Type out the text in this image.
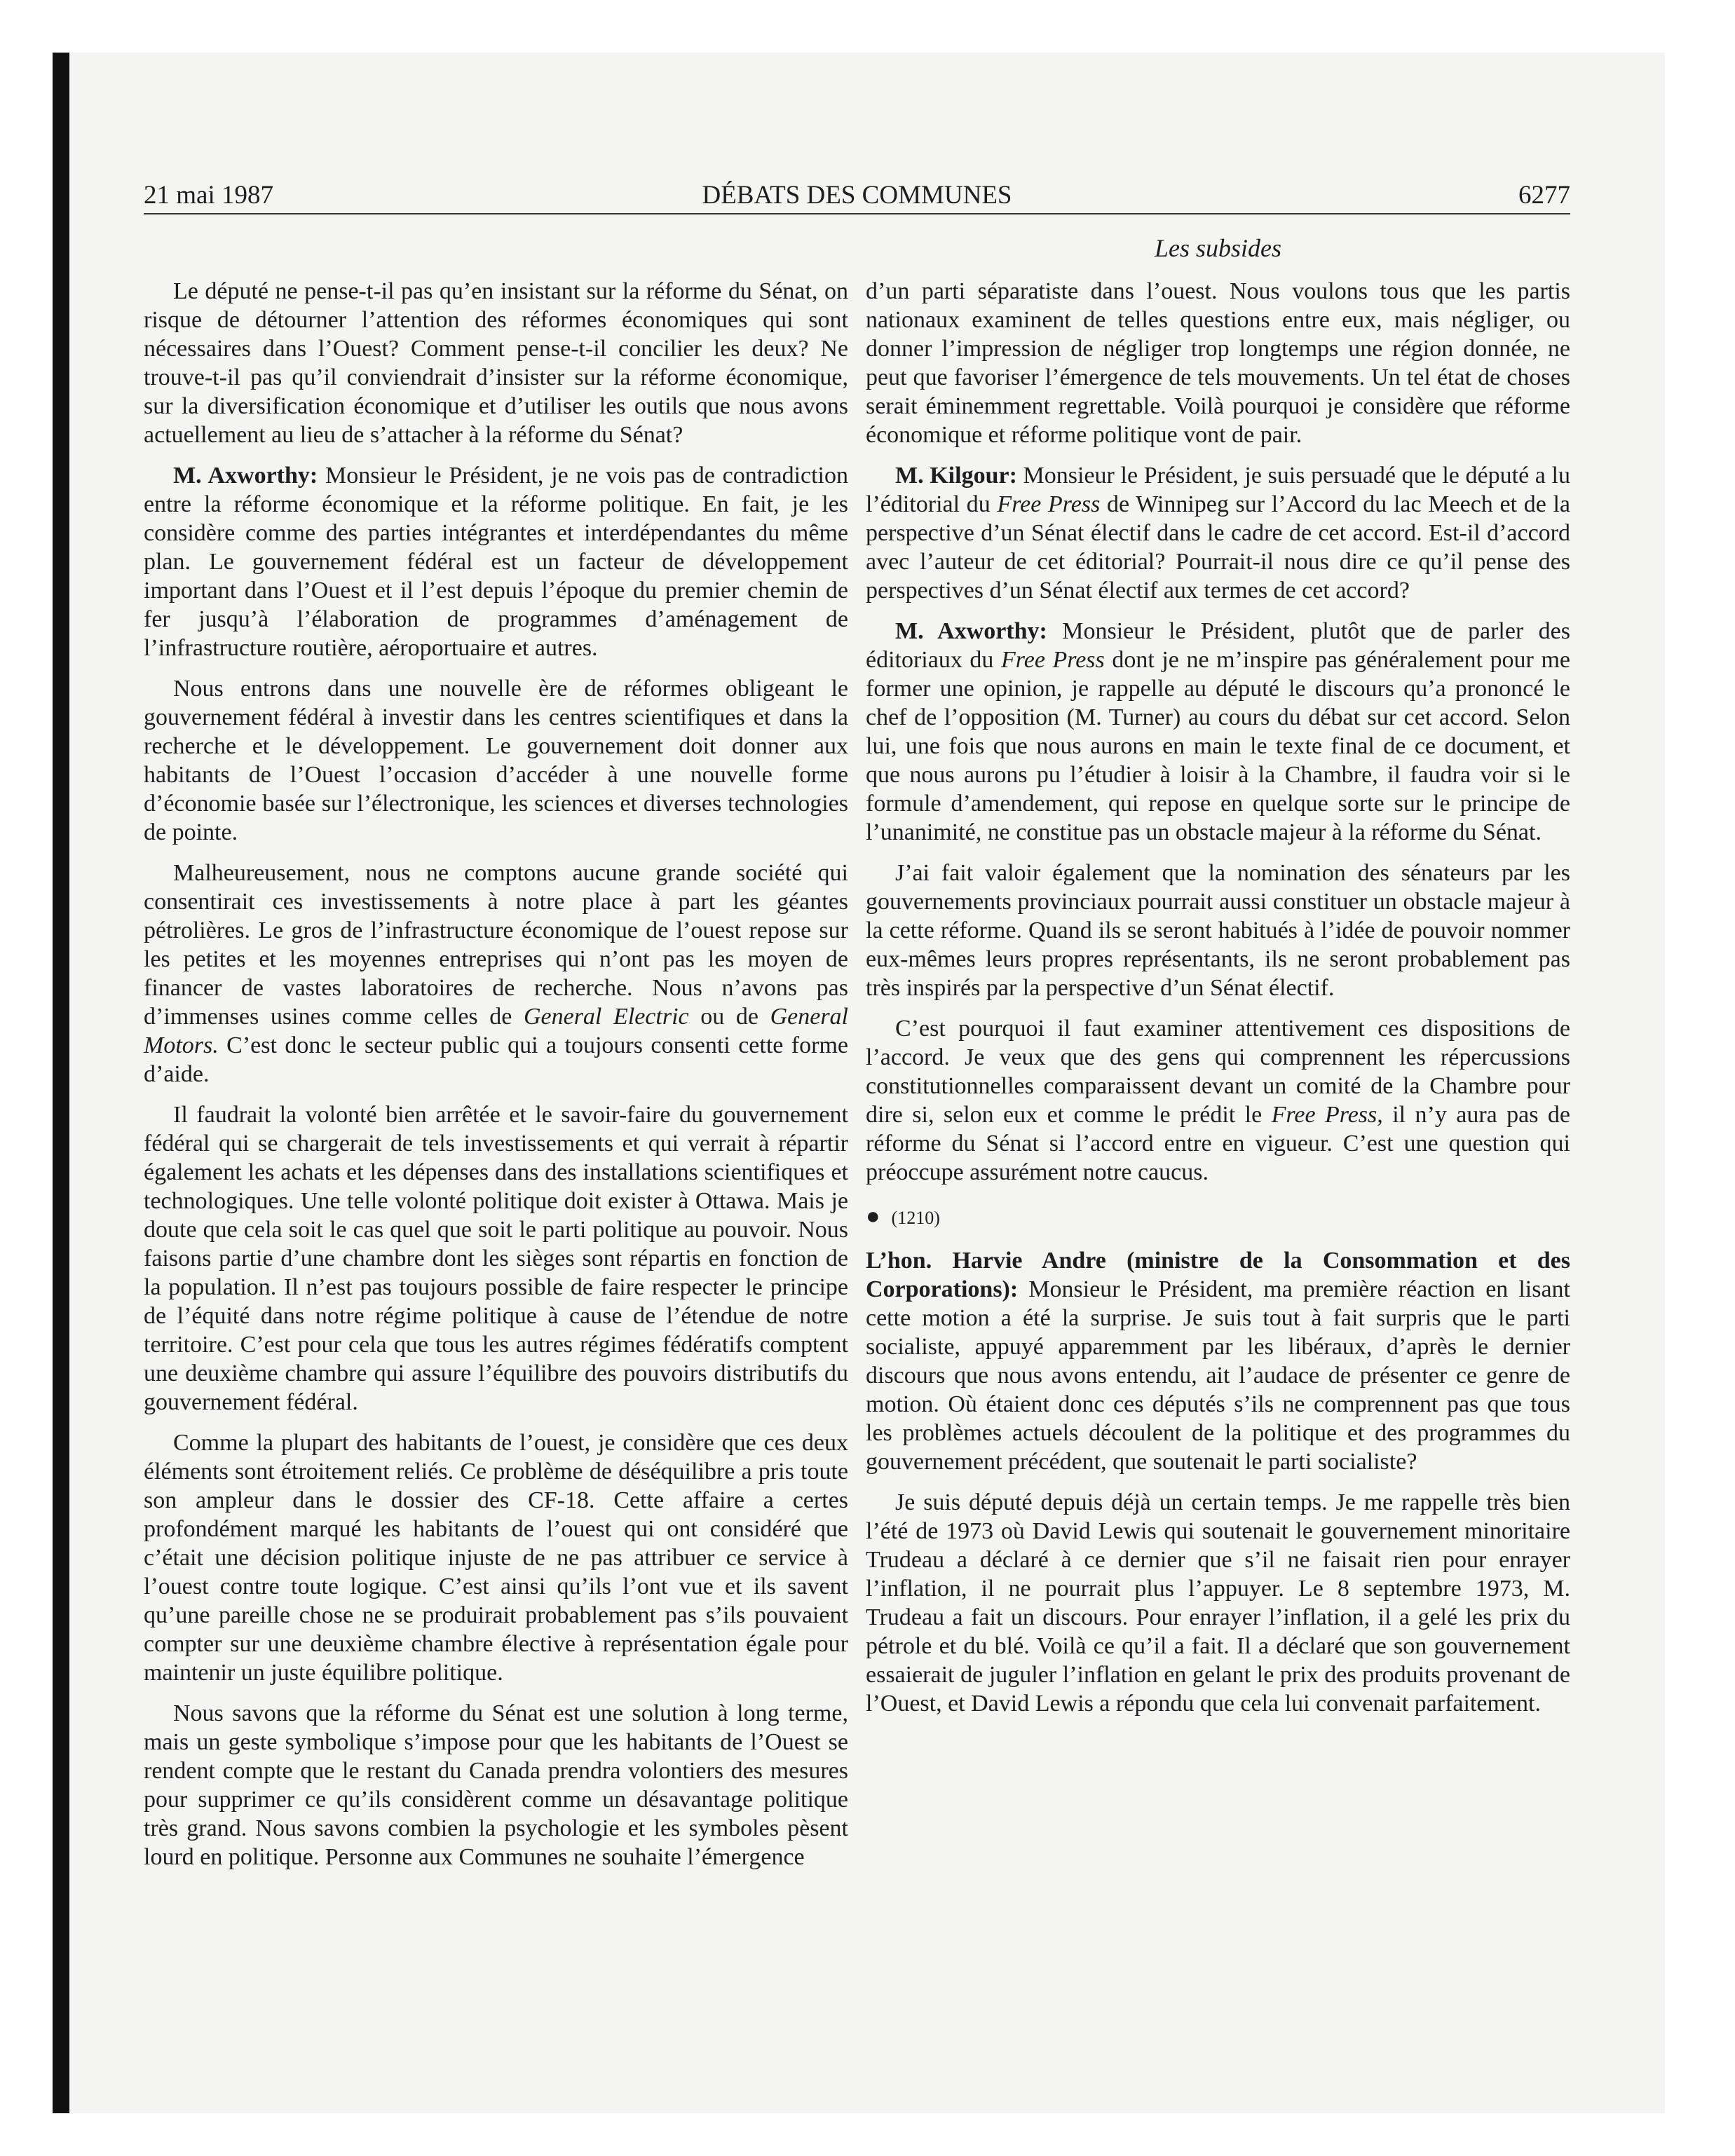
21 mai 1987	DÉBATS DES COMMUNES	6277
Les subsides

Le député ne pense-t-il pas qu’en insistant sur la réforme du Sénat, on risque de détourner l’attention des réformes économiques qui sont nécessaires dans l’Ouest? Comment pense-t-il concilier les deux? Ne trouve-t-il pas qu’il conviendrait d’insister sur la réforme économique, sur la diversification économique et d’utiliser les outils que nous avons actuellement au lieu de s’attacher à la réforme du Sénat?

M. Axworthy: Monsieur le Président, je ne vois pas de contradiction entre la réforme économique et la réforme politique. En fait, je les considère comme des parties intégrantes et interdépendantes du même plan. Le gouvernement fédéral est un facteur de développement important dans l’Ouest et il l’est depuis l’époque du premier chemin de fer jusqu’à l’élaboration de programmes d’aménagement de l’infrastructure routière, aéroportuaire et autres.

Nous entrons dans une nouvelle ère de réformes obligeant le gouvernement fédéral à investir dans les centres scientifiques et dans la recherche et le développement. Le gouvernement doit donner aux habitants de l’Ouest l’occasion d’accéder à une nouvelle forme d’économie basée sur l’électronique, les sciences et diverses technologies de pointe.

Malheureusement, nous ne comptons aucune grande société qui consentirait ces investissements à notre place à part les géantes pétrolières. Le gros de l’infrastructure économique de l’ouest repose sur les petites et les moyennes entreprises qui n’ont pas les moyen de financer de vastes laboratoires de recherche. Nous n’avons pas d’immenses usines comme celles de General Electric ou de General Motors. C’est donc le secteur public qui a toujours consenti cette forme d’aide.

Il faudrait la volonté bien arrêtée et le savoir-faire du gouvernement fédéral qui se chargerait de tels investissements et qui verrait à répartir également les achats et les dépenses dans des installations scientifiques et technologiques. Une telle volonté politique doit exister à Ottawa. Mais je doute que cela soit le cas quel que soit le parti politique au pouvoir. Nous faisons partie d’une chambre dont les sièges sont répartis en fonction de la population. Il n’est pas toujours possible de faire respecter le principe de l’équité dans notre régime politique à cause de l’étendue de notre territoire. C’est pour cela que tous les autres régimes fédératifs comptent une deuxième chambre qui assure l’équilibre des pouvoirs distributifs du gouvernement fédéral.

Comme la plupart des habitants de l’ouest, je considère que ces deux éléments sont étroitement reliés. Ce problème de déséquilibre a pris toute son ampleur dans le dossier des CF-18. Cette affaire a certes profondément marqué les habitants de l’ouest qui ont considéré que c’était une décision politique injuste de ne pas attribuer ce service à l’ouest contre toute logique. C’est ainsi qu’ils l’ont vue et ils savent qu’une pareille chose ne se produirait probablement pas s’ils pouvaient compter sur une deuxième chambre élective à représentation égale pour maintenir un juste équilibre politique.

Nous savons que la réforme du Sénat est une solution à long terme, mais un geste symbolique s’impose pour que les habitants de l’Ouest se rendent compte que le restant du Canada prendra volontiers des mesures pour supprimer ce qu’ils considèrent comme un désavantage politique très grand. Nous savons combien la psychologie et les symboles pèsent lourd en politique. Personne aux Communes ne souhaite l’émergence

d’un parti séparatiste dans l’ouest. Nous voulons tous que les partis nationaux examinent de telles questions entre eux, mais négliger, ou donner l’impression de négliger trop longtemps une région donnée, ne peut que favoriser l’émergence de tels mouvements. Un tel état de choses serait éminemment regrettable. Voilà pourquoi je considère que réforme économique et réforme politique vont de pair.

M. Kilgour: Monsieur le Président, je suis persuadé que le député a lu l’éditorial du Free Press de Winnipeg sur l’Accord du lac Meech et de la perspective d’un Sénat électif dans le cadre de cet accord. Est-il d’accord avec l’auteur de cet éditorial? Pourrait-il nous dire ce qu’il pense des perspectives d’un Sénat électif aux termes de cet accord?

M. Axworthy: Monsieur le Président, plutôt que de parler des éditoriaux du Free Press dont je ne m’inspire pas généralement pour me former une opinion, je rappelle au député le discours qu’a prononcé le chef de l’opposition (M. Turner) au cours du débat sur cet accord. Selon lui, une fois que nous aurons en main le texte final de ce document, et que nous aurons pu l’étudier à loisir à la Chambre, il faudra voir si le formule d’amendement, qui repose en quelque sorte sur le principe de l’unanimité, ne constitue pas un obstacle majeur à la réforme du Sénat.

J’ai fait valoir également que la nomination des sénateurs par les gouvernements provinciaux pourrait aussi constituer un obstacle majeur à la cette réforme. Quand ils se seront habitués à l’idée de pouvoir nommer eux-mêmes leurs propres représentants, ils ne seront probablement pas très inspirés par la perspective d’un Sénat électif.

C’est pourquoi il faut examiner attentivement ces dispositions de l’accord. Je veux que des gens qui comprennent les répercussions constitutionnelles comparaissent devant un comité de la Chambre pour dire si, selon eux et comme le prédit le Free Press, il n’y aura pas de réforme du Sénat si l’accord entre en vigueur. C’est une question qui préoccupe assurément notre caucus.

● (1210)

L’hon. Harvie Andre (ministre de la Consommation et des Corporations): Monsieur le Président, ma première réaction en lisant cette motion a été la surprise. Je suis tout à fait surpris que le parti socialiste, appuyé apparemment par les libéraux, d’après le dernier discours que nous avons entendu, ait l’audace de présenter ce genre de motion. Où étaient donc ces députés s’ils ne comprennent pas que tous les problèmes actuels découlent de la politique et des programmes du gouvernement précédent, que soutenait le parti socialiste?

Je suis député depuis déjà un certain temps. Je me rappelle très bien l’été de 1973 où David Lewis qui soutenait le gouvernement minoritaire Trudeau a déclaré à ce dernier que s’il ne faisait rien pour enrayer l’inflation, il ne pourrait plus l’appuyer. Le 8 septembre 1973, M. Trudeau a fait un discours. Pour enrayer l’inflation, il a gelé les prix du pétrole et du blé. Voilà ce qu’il a fait. Il a déclaré que son gouvernement essaierait de juguler l’inflation en gelant le prix des produits provenant de l’Ouest, et David Lewis a répondu que cela lui convenait parfaitement.
